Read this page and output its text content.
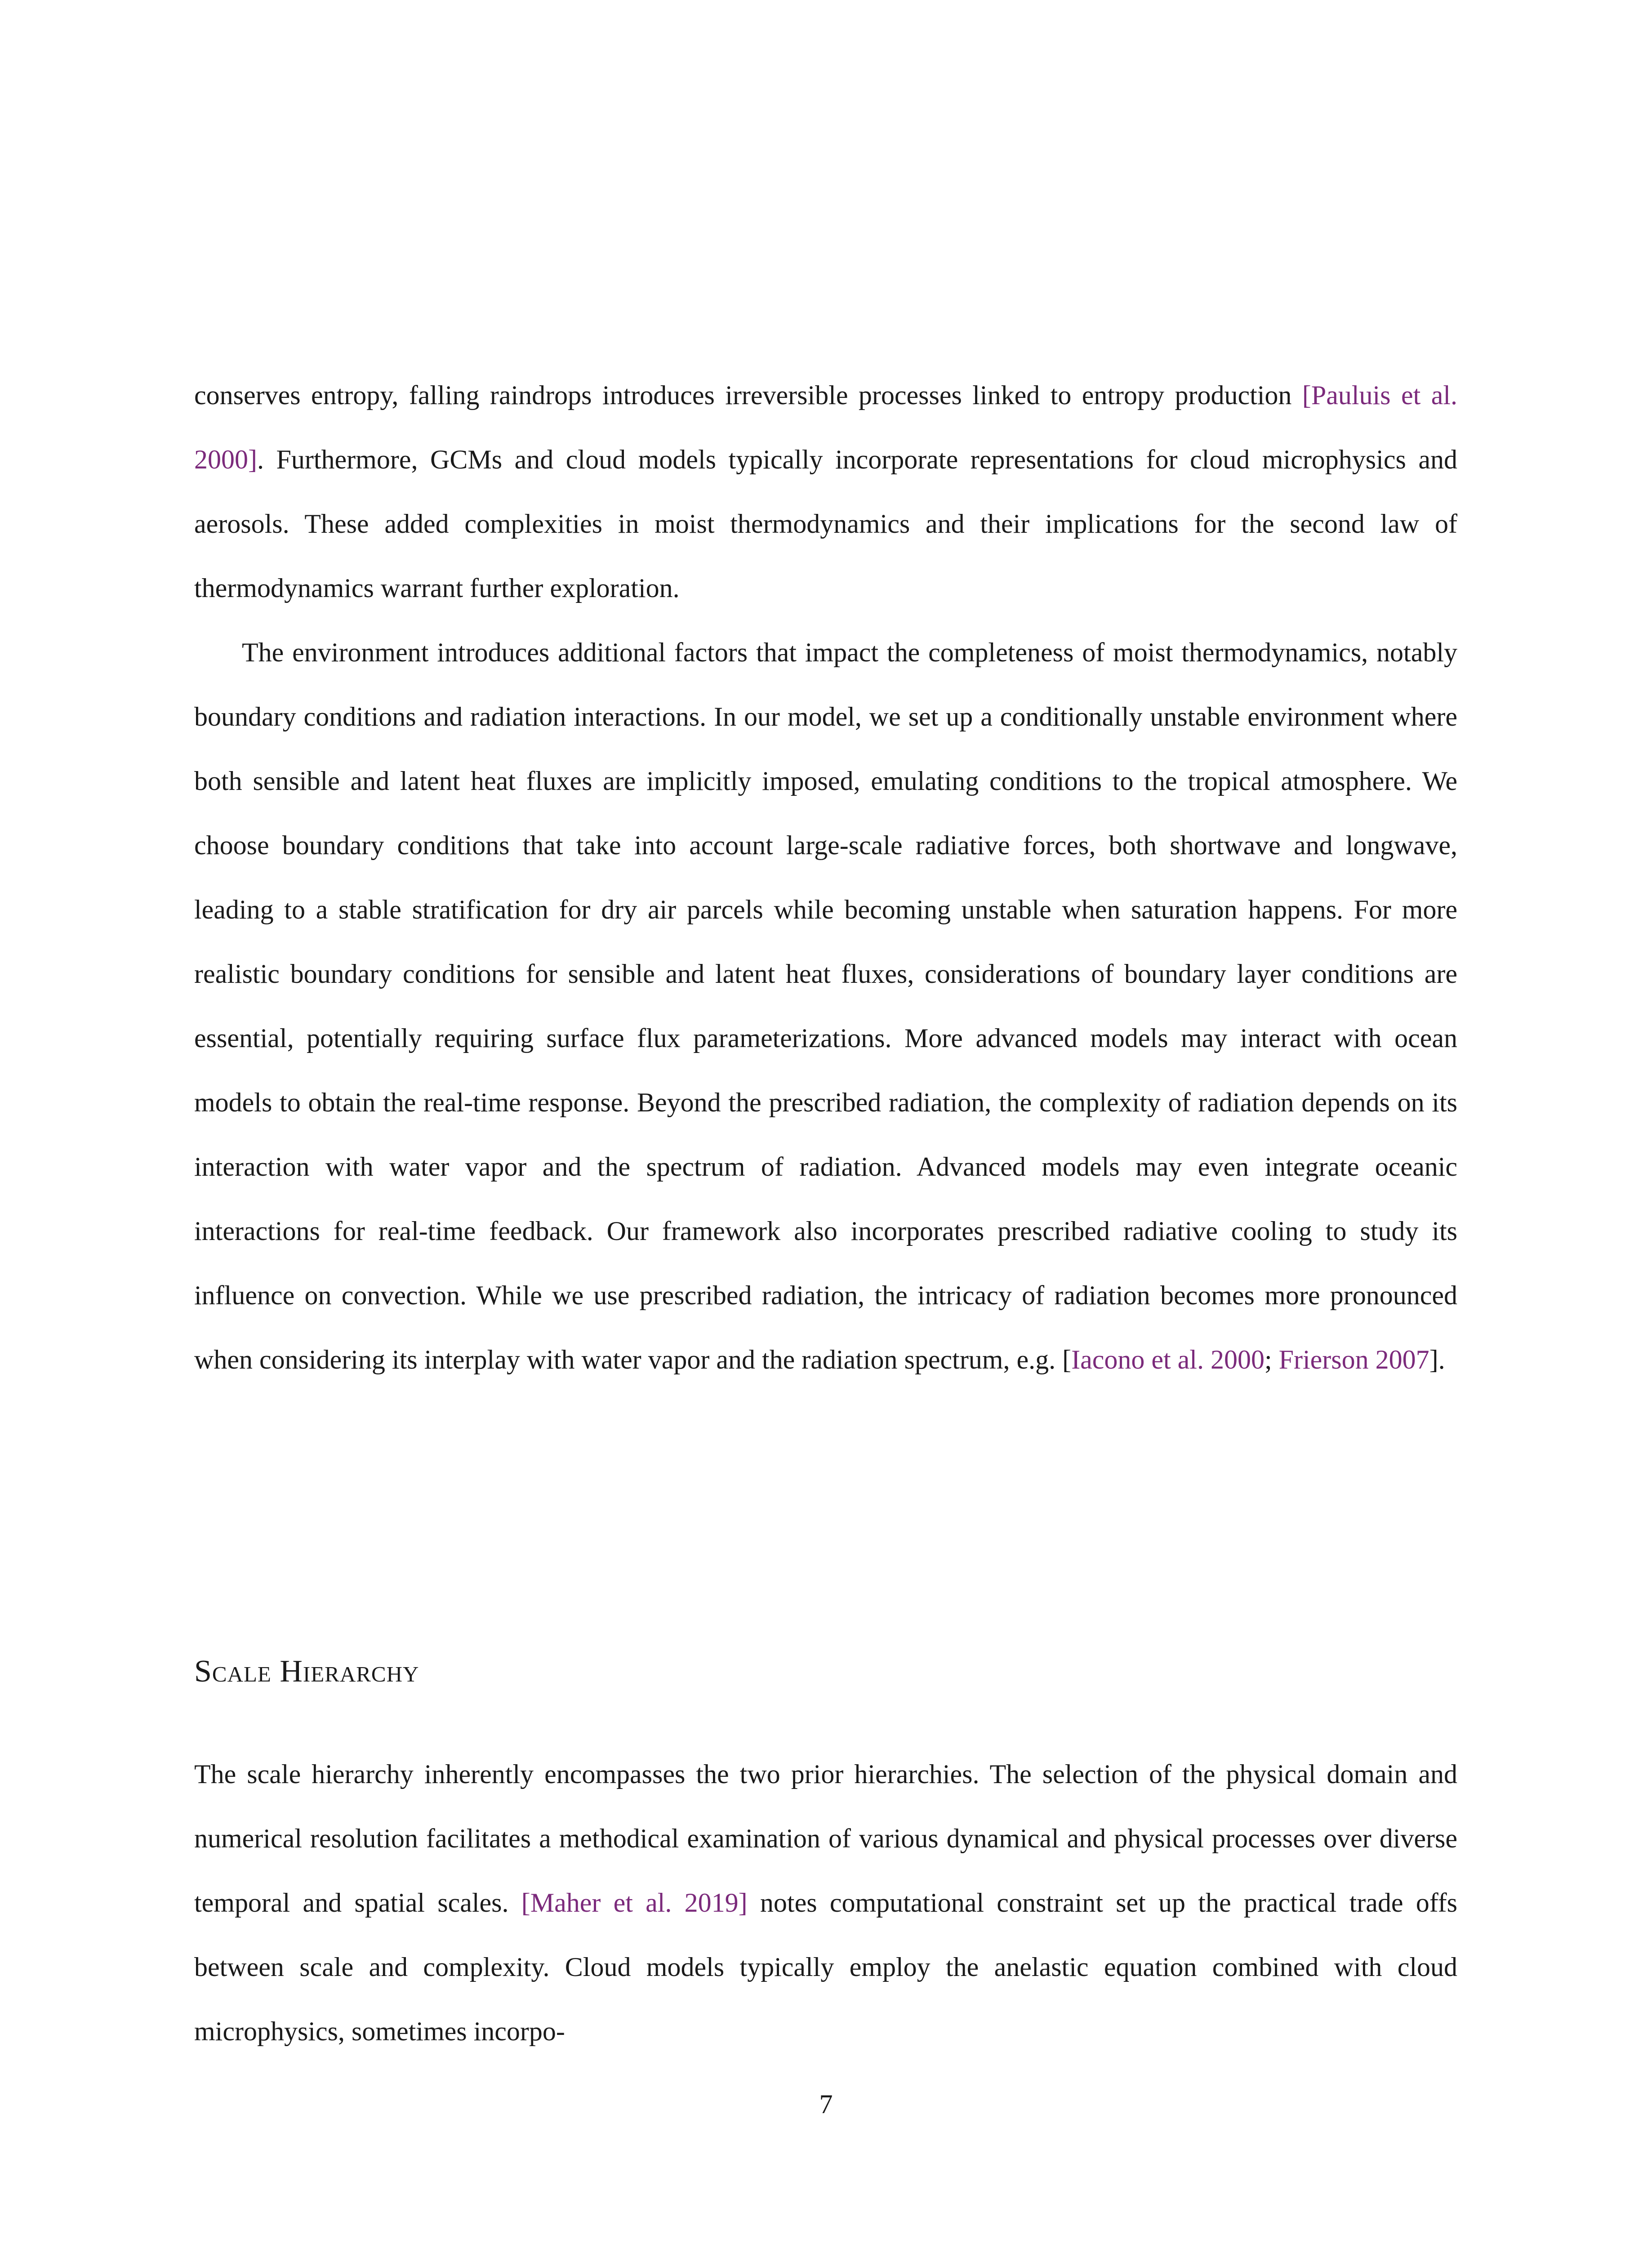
conserves entropy, falling raindrops introduces irreversible processes linked to entropy production [Pauluis et al. 2000]. Furthermore, GCMs and cloud models typically incorporate representations for cloud microphysics and aerosols. These added complexities in moist thermodynamics and their implications for the second law of thermodynamics warrant further exploration.

The environment introduces additional factors that impact the completeness of moist thermodynamics, notably boundary conditions and radiation interactions. In our model, we set up a conditionally unstable environment where both sensible and latent heat fluxes are implicitly imposed, emulating conditions to the tropical atmosphere. We choose boundary conditions that take into account large-scale radiative forces, both shortwave and longwave, leading to a stable stratification for dry air parcels while becoming unstable when saturation happens. For more realistic boundary conditions for sensible and latent heat fluxes, considerations of boundary layer conditions are essential, potentially requiring surface flux parameterizations. More advanced models may interact with ocean models to obtain the real-time response. Beyond the prescribed radiation, the complexity of radiation depends on its interaction with water vapor and the spectrum of radiation. Advanced models may even integrate oceanic interactions for real-time feedback. Our framework also incorporates prescribed radiative cooling to study its influence on convection. While we use prescribed radiation, the intricacy of radiation becomes more pronounced when considering its interplay with water vapor and the radiation spectrum, e.g. [Iacono et al. 2000; Frierson 2007].

Scale Hierarchy

The scale hierarchy inherently encompasses the two prior hierarchies. The selection of the physical domain and numerical resolution facilitates a methodical examination of various dynamical and physical processes over diverse temporal and spatial scales. [Maher et al. 2019] notes computational constraint set up the practical trade offs between scale and complexity. Cloud models typically employ the anelastic equation combined with cloud microphysics, sometimes incorpo-

7
